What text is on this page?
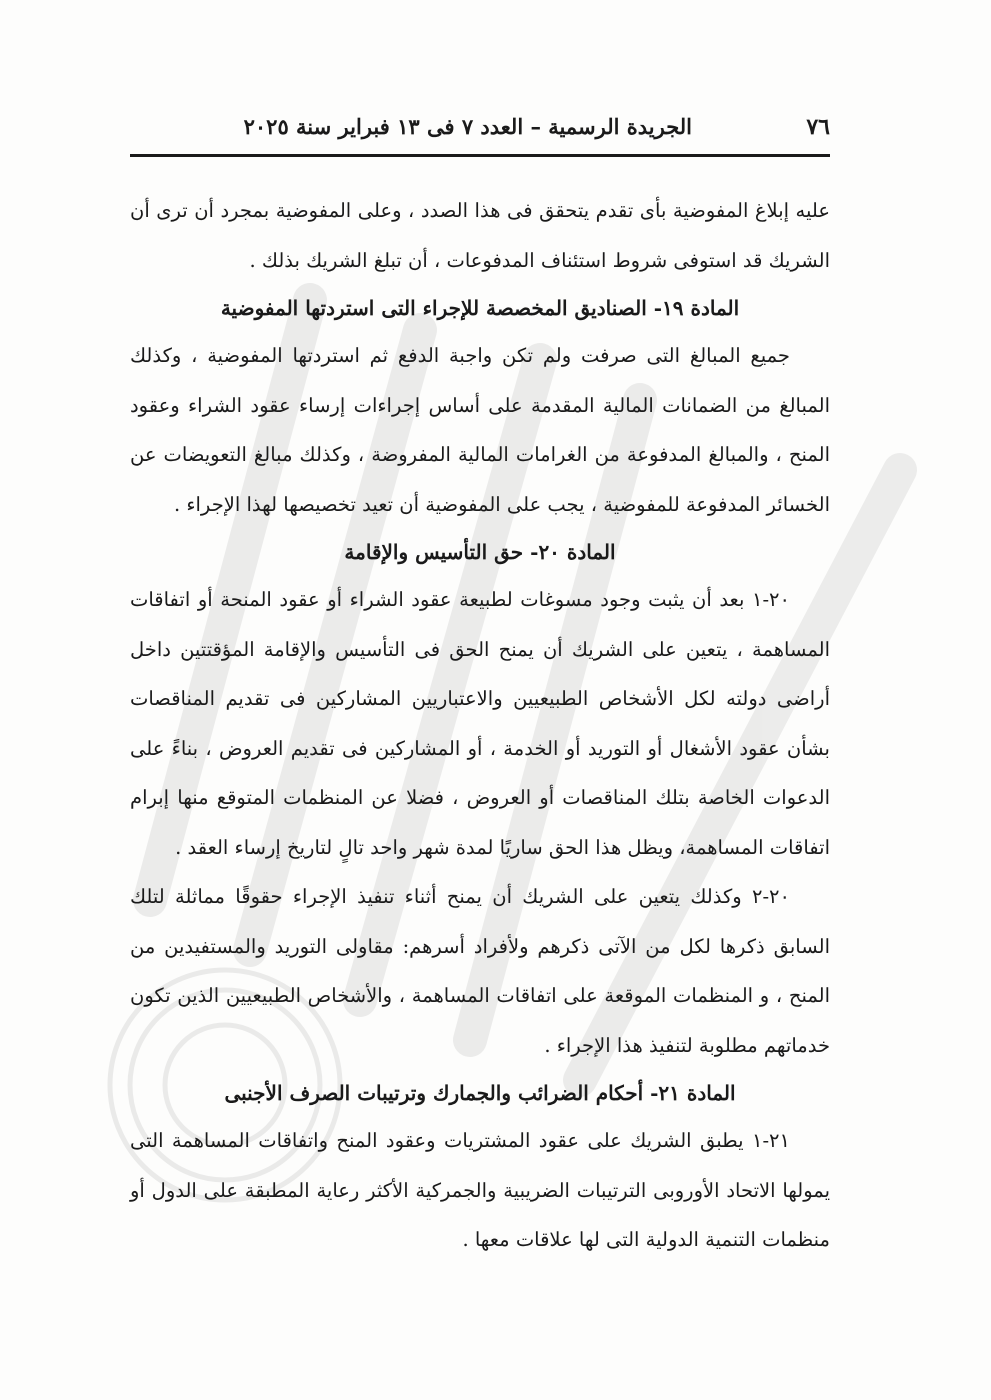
٧٦
الجريدة الرسمية – العدد ٧ فى ١٣ فبراير سنة ٢٠٢٥

عليه إبلاغ المفوضية بأى تقدم يتحقق فى هذا الصدد ، وعلى المفوضية بمجرد أن ترى أن الشريك قد استوفى شروط استئناف المدفوعات ، أن تبلغ الشريك بذلك .

المادة ١٩- الصناديق المخصصة للإجراء التى استردتها المفوضية

جميع المبالغ التى صرفت ولم تكن واجبة الدفع ثم استردتها المفوضية ، وكذلك المبالغ من الضمانات المالية المقدمة على أساس إجراءات إرساء عقود الشراء وعقود المنح ، والمبالغ المدفوعة من الغرامات المالية المفروضة ، وكذلك مبالغ التعويضات عن الخسائر المدفوعة للمفوضية ، يجب على المفوضية أن تعيد تخصيصها لهذا الإجراء .

المادة ٢٠- حق التأسيس والإقامة

٢٠-١ بعد أن يثبت وجود مسوغات لطبيعة عقود الشراء أو عقود المنحة أو اتفاقات المساهمة ، يتعين على الشريك أن يمنح الحق فى التأسيس والإقامة المؤقتتين داخل أراضى دولته لكل الأشخاص الطبيعيين والاعتباريين المشاركين فى تقديم المناقصات بشأن عقود الأشغال أو التوريد أو الخدمة ، أو المشاركين فى تقديم العروض ، بناءً على الدعوات الخاصة بتلك المناقصات أو العروض ، فضلا عن المنظمات المتوقع منها إبرام اتفاقات المساهمة، ويظل هذا الحق ساريًا لمدة شهر واحد تالٍ لتاريخ إرساء العقد .

٢٠-٢ وكذلك يتعين على الشريك أن يمنح أثناء تنفيذ الإجراء حقوقًا مماثلة لتلك السابق ذكرها لكل من الآتى ذكرهم ولأفراد أسرهم: مقاولى التوريد والمستفيدين من المنح ، و المنظمات الموقعة على اتفاقات المساهمة ، والأشخاص الطبيعيين الذين تكون خدماتهم مطلوبة لتنفيذ هذا الإجراء .

المادة ٢١- أحكام الضرائب والجمارك وترتيبات الصرف الأجنبى

٢١-١ يطبق الشريك على عقود المشتريات وعقود المنح واتفاقات المساهمة التى يمولها الاتحاد الأوروبى الترتيبات الضريبية والجمركية الأكثر رعاية المطبقة على الدول أو منظمات التنمية الدولية التى لها علاقات معها .
